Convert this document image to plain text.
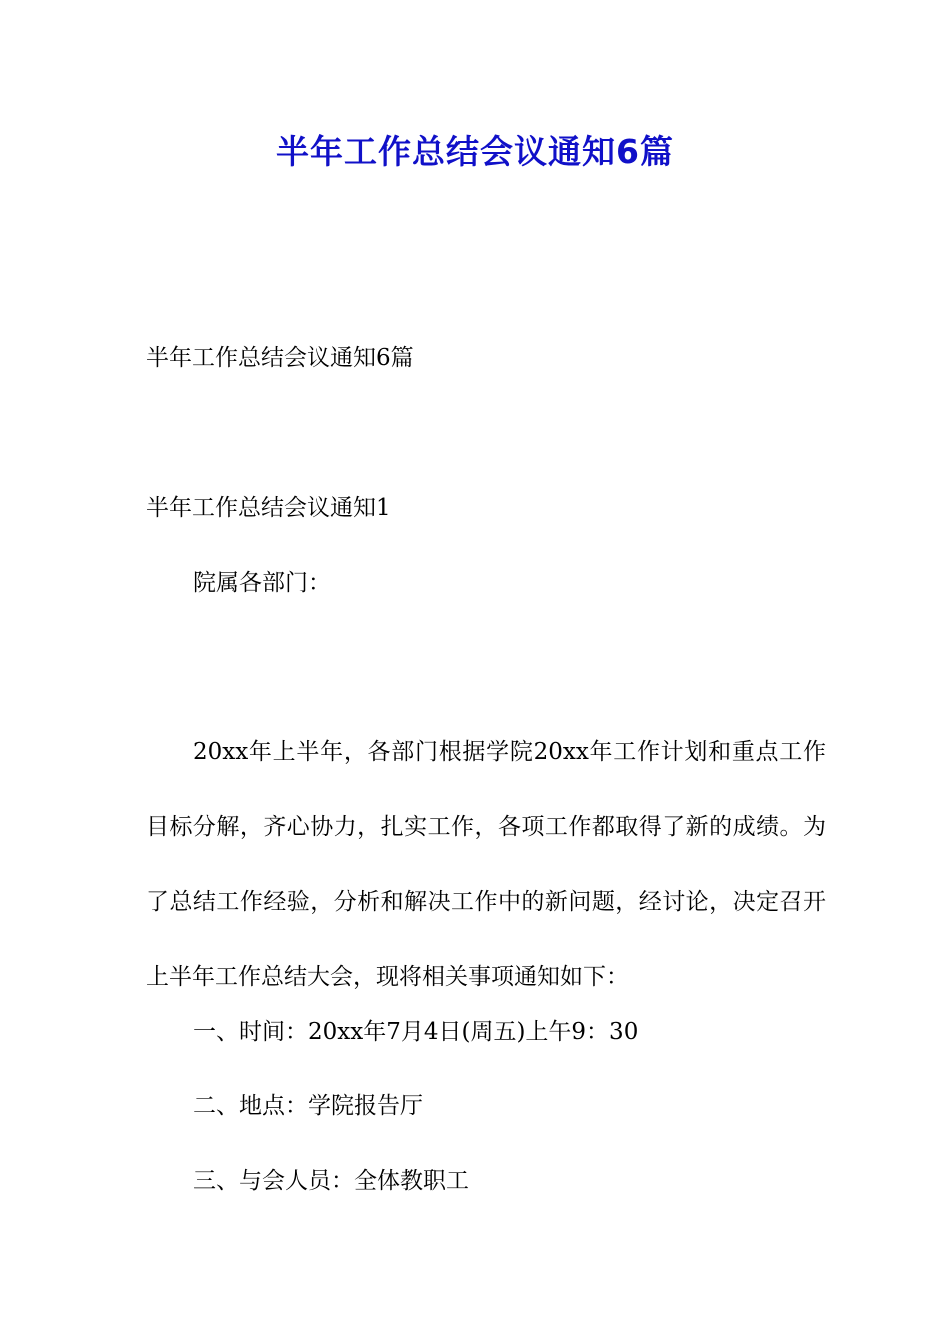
半年工作总结会议通知6篇
半年工作总结会议通知6篇
半年工作总结会议通知1
院属各部门：

20xx年上半年，各部门根据学院20xx年工作计划和重点工作目标分解，齐心协力，扎实工作，各项工作都取得了新的成绩。为了总结工作经验，分析和解决工作中的新问题，经讨论，决定召开上半年工作总结大会，现将相关事项通知如下：

一、时间：20xx年7月4日(周五)上午9：30
二、地点：学院报告厅
三、与会人员：全体教职工
